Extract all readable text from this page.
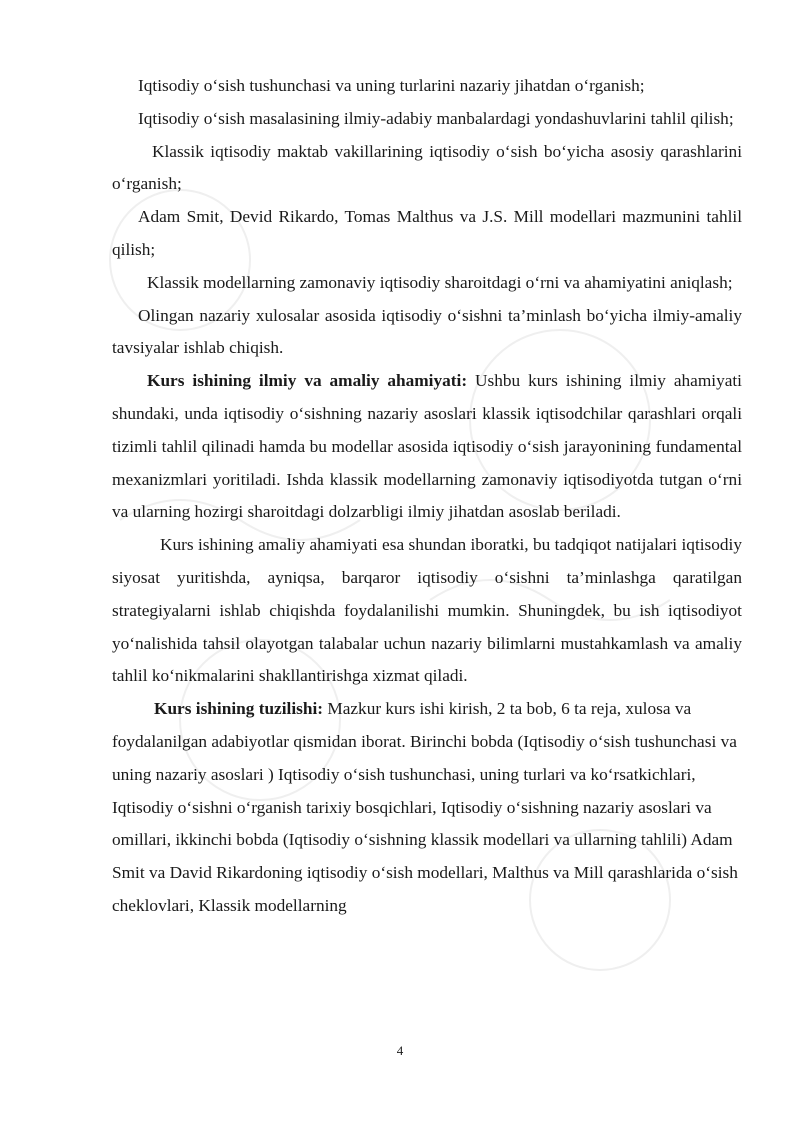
Iqtisodiy o‘sish tushunchasi va uning turlarini nazariy jihatdan o‘rganish;

Iqtisodiy o‘sish masalasining ilmiy-adabiy manbalardagi yondashuvlarini tahlil qilish;

Klassik iqtisodiy maktab vakillarining iqtisodiy o‘sish bo‘yicha asosiy qarashlarini o‘rganish;

Adam Smit, Devid Rikardo, Tomas Malthus va J.S. Mill modellari mazmunini tahlil qilish;

Klassik modellarning zamonaviy iqtisodiy sharoitdagi o‘rni va ahamiyatini aniqlash;

Olingan nazariy xulosalar asosida iqtisodiy o‘sishni ta’minlash bo‘yicha ilmiy-amaliy tavsiyalar ishlab chiqish.

Kurs ishining ilmiy va amaliy ahamiyati: Ushbu kurs ishining ilmiy ahamiyati shundaki, unda iqtisodiy o‘sishning nazariy asoslari klassik iqtisodchilar qarashlari orqali tizimli tahlil qilinadi hamda bu modellar asosida iqtisodiy o‘sish jarayonining fundamental mexanizmlari yoritiladi. Ishda klassik modellarning zamonaviy iqtisodiyotda tutgan o‘rni va ularning hozirgi sharoitdagi dolzarbligi ilmiy jihatdan asoslab beriladi.

Kurs ishining amaliy ahamiyati esa shundan iboratki, bu tadqiqot natijalari iqtisodiy siyosat yuritishda, ayniqsa, barqaror iqtisodiy o‘sishni ta’minlashga qaratilgan strategiyalarni ishlab chiqishda foydalanilishi mumkin. Shuningdek, bu ish iqtisodiyot yo‘nalishida tahsil olayotgan talabalar uchun nazariy bilimlarni mustahkamlash va amaliy tahlil ko‘nikmalarini shakllantirishga xizmat qiladi.

Kurs ishining tuzilishi: Mazkur kurs ishi kirish, 2 ta bob, 6 ta reja, xulosa va foydalanilgan adabiyotlar qismidan iborat. Birinchi bobda (Iqtisodiy o‘sish tushunchasi va uning nazariy asoslari ) Iqtisodiy o‘sish tushunchasi, uning turlari va ko‘rsatkichlari, Iqtisodiy o‘sishni o‘rganish tarixiy bosqichlari, Iqtisodiy o‘sishning nazariy asoslari va omillari, ikkinchi bobda (Iqtisodiy o‘sishning klassik modellari va ullarning tahlili) Adam Smit va David Rikardoning iqtisodiy o‘sish modellari, Malthus va Mill qarashlarida o‘sish cheklovlari, Klassik modellarning

4
